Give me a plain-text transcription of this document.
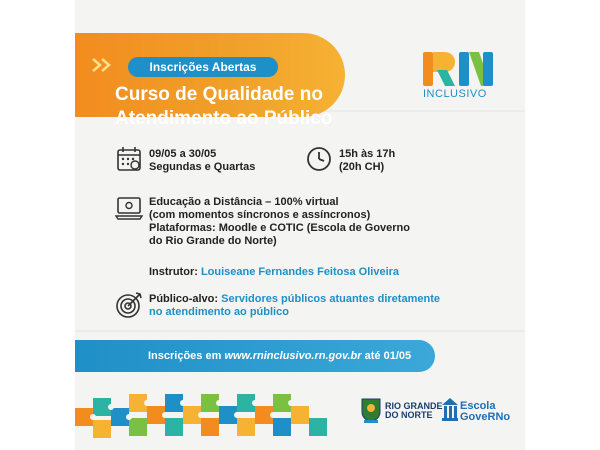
Inscrições Abertas
Curso de Qualidade no
Atendimento ao Público
RN
INCLUSIVO
09/05 a 30/05
Segundas e Quartas
15h às 17h
(20h CH)
Educação a Distância – 100% virtual
(com momentos síncronos e assíncronos)
Plataformas: Moodle e COTIC (Escola de Governo
do Rio Grande do Norte)
Instrutor: Louiseane Fernandes Feitosa Oliveira
Público-alvo: Servidores públicos atuantes diretamente
no atendimento ao público
Inscrições em www.rninclusivo.rn.gov.br até 01/05
RIO GRANDE
DO NORTE
Escola
GoveRNo
